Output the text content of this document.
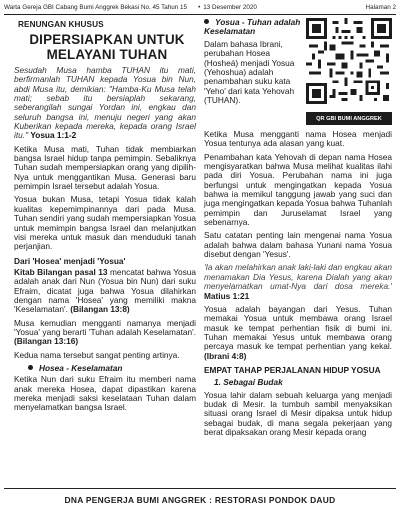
Warta Gereja GBI Cabang Bumi Anggrek Bekasi No. 45 Tahun 15	• 13 Desember 2020	Halaman 2
RENUNGAN KHUSUS
DIPERSIAPKAN UNTUK MELAYANI TUHAN

Sesudah Musa hamba TUHAN itu mati, berfirmanlah TUHAN kepada Yosua bin Nun, abdi Musa itu, demikian: "Hamba-Ku Musa telah mati; sebab itu bersiaplah sekarang, seberangilah sungai Yordan ini, engkau dan seluruh bangsa ini, menuju negeri yang akan Kuberikan kepada mereka, kepada orang Israel itu." Yosua 1:1-2

Ketika Musa mati, Tuhan tidak membiarkan bangsa Israel hidup tanpa pemimpin. Sebaliknya Tuhan sudah mempersiapkan orang yang dipilih-Nya untuk menggantikan Musa. Generasi baru pemimpin Israel tersebut adalah Yosua.

Yosua bukan Musa, tetapi Yosua tidak kalah kualitas kepemimpinannya dari pada Musa. Tuhan sendiri yang sudah mempersiapkan Yosua untuk memimpin bangsa Israel dan melanjutkan visi mereka untuk masuk dan menduduki tanah perjanjian.

Dari 'Hosea' menjadi 'Yosua'

Kitab Bilangan pasal 13 mencatat bahwa Yosua adalah anak dari Nun (Yosua bin Nun) dari suku Efraim, dicatat juga bahwa Yosua dilahirkan dengan nama 'Hosea' yang memiliki makna 'Keselamatan'. (Bilangan 13:8)

Musa kemudian mengganti namanya menjadi 'Yosua' yang berarti 'Tuhan adalah Keselamatan'. (Bilangan 13:16)

Kedua nama tersebut sangat penting artinya.

Hosea - Keselamatan

Ketika Nun dari suku Efraim itu memberi nama anak mereka Hosea, dapat dipastikan karena mereka menjadi saksi keselataan Tuhan dalam menyelamatkan bangsa Israel.

Yosua - Tuhan adalah Keselamatan

Dalam bahasa Ibrani, perubahan Hosea (Hosheá) menjadi Yosua (Yehoshua) adalah penambahan suku kata 'Yeho' dari kata Yehovah (TUHAN).

QR GBI BUMI ANGGREK

Ketika Musa mengganti nama Hosea menjadi Yosua tentunya ada alasan yang kuat.

Penambahan kata Yehovah di depan nama Hosea mengisyaratkan bahwa Musa melihat kualitas ilahi pada diri Yosua. Perubahan nama ini juga berfungsi untuk mengingatkan kepada Yosua bahwa ia memikul tanggung jawab yang suci dan juga mengingatkan kepada Yosua bahwa Tuhanlah pemimpin dan Juruselamat Israel yang sebenarnya.

Satu catatan penting lain mengenai nama Yosua adalah bahwa dalam bahasa Yunani nama Yosua disebut dengan 'Yesus'.

'Ia akan melahirkan anak laki-laki dan engkau akan menamakan Dia Yesus, karena Dialah yang akan menyelamatkan umat-Nya dari dosa mereka.' Matius 1:21

Yosua adalah bayangan dari Yesus. Tuhan memakai Yosua untuk membawa orang Israel masuk ke tempat perhentian fisik di bumi ini. Tuhan memakai Yesus untuk membawa orang percaya masuk ke tempat perhentian yang kekal. (Ibrani 4:8)

EMPAT TAHAP PERJALANAN HIDUP YOSUA
1. Sebagai Budak

Yosua lahir dalam sebuah keluarga yang menjadi budak di Mesir. Ia tumbuh sambil menyaksikan situasi orang Israel di Mesir dipaksa untuk hidup sebagai budak, di mana segala pekerjaan yang berat dipaksakan orang Mesir kepada orang

DNA PENGERJA BUMI ANGGREK : RESTORASI PONDOK DAUD
